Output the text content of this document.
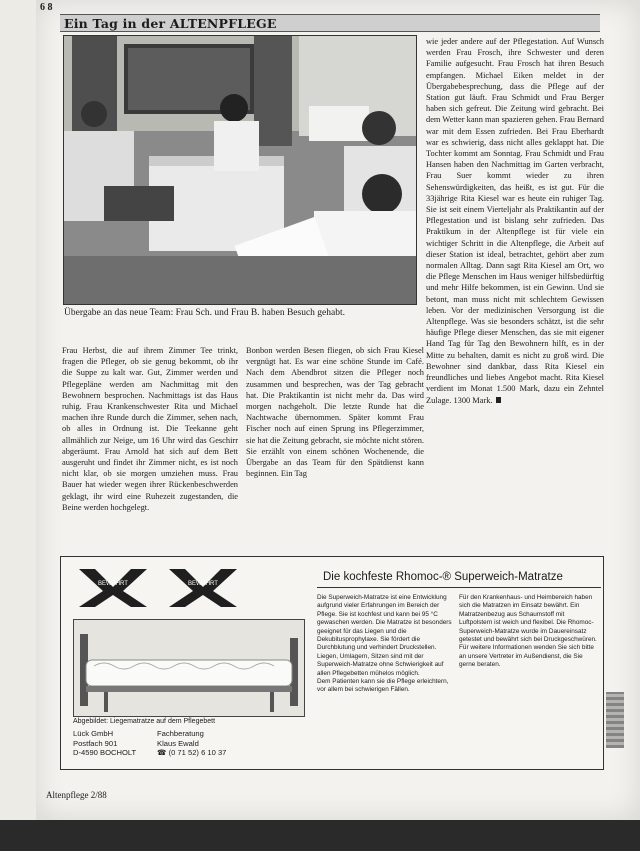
6 8
Ein Tag in der ALTENPFLEGE
Übergabe an das neue Team: Frau Sch. und Frau B. haben Besuch gehabt.
Frau Herbst, die auf ihrem Zimmer Tee trinkt, fragen die Pfleger, ob sie genug bekommt, ob ihr die Suppe zu kalt war. Gut, Zimmer werden und Pflegepläne werden am Nachmittag mit den Bewohnern besprochen. Nachmittags ist das Haus ruhig. Frau Krankenschwester Rita und Michael machen ihre Runde durch die Zimmer, sehen nach, ob alles in Ordnung ist. Die Teekanne geht allmählich zur Neige, um 16 Uhr wird das Geschirr abgeräumt. Frau Arnold hat sich auf dem Bett ausgeruht und findet ihr Zimmer nicht, es ist noch nicht klar, ob sie morgen umziehen muss. Frau Bauer hat wieder wegen ihrer Rückenbeschwerden geklagt, ihr wird eine Ruhezeit zugestanden, die Beine werden hochgelegt.
Bonbon werden Besen fliegen, ob sich Frau Kiesel vergnügt hat. Es war eine schöne Stunde im Café. Nach dem Abendbrot sitzen die Pfleger noch zusammen und besprechen, was der Tag gebracht hat. Die Praktikantin ist nicht mehr da. Das wird morgen nachgeholt. Die letzte Runde hat die Nachtwache übernommen. Später kommt Frau Fischer noch auf einen Sprung ins Pflegerzimmer, sie hat die Zeitung gebracht, sie möchte nicht stören. Sie erzählt von einem schönen Wochenende, die Übergabe an das Team für den Spätdienst kann beginnen. Ein Tag
wie jeder andere auf der Pflegestation. Auf Wunsch werden Frau Frosch, ihre Schwester und deren Familie aufgesucht. Frau Frosch hat ihren Besuch empfangen. Michael Eiken meldet in der Übergabebesprechung, dass die Pflege auf der Station gut läuft. Frau Schmidt und Frau Berger haben sich gefreut. Die Zeitung wird gebracht. Bei dem Wetter kann man spazieren gehen. Frau Bernard war mit dem Essen zufrieden. Bei Frau Eberhardt war es schwierig, dass nicht alles geklappt hat. Die Tochter kommt am Sonntag. Frau Schmidt und Frau Hansen haben den Nachmittag im Garten verbracht, Frau Suer kommt wieder zu ihren Sehenswürdigkeiten, das heißt, es ist gut. Für die 33jährige Rita Kiesel war es heute ein ruhiger Tag. Sie ist seit einem Vierteljahr als Praktikantin auf der Pflegestation und ist bislang sehr zufrieden. Das Praktikum in der Altenpflege ist für viele ein wichtiger Schritt in die Altenpflege, die Arbeit auf dieser Station ist ideal, betrachtet, gehört aber zum normalen Alltag. Dann sagt Rita Kiesel am Ort, wo die Pflege Menschen im Haus weniger hilfsbedürftig und mehr Hilfe bekommen, ist ein Gewinn. Und sie betont, man muss nicht mit schlechtem Gewissen leben. Vor der medizinischen Versorgung ist die Altenpflege. Was sie besonders schätzt, ist die sehr häufige Pflege dieser Menschen, das sie mit eigener Hand Tag für Tag den Bewohnern hilft, es in der Mitte zu behalten, damit es nicht zu groß wird. Die Bewohner sind dankbar, dass Rita Kiesel ein freundliches und liebes Angebot macht. Rita Kiesel verdient im Monat 1.500 Mark, dazu ein Zehntel Zulage. 1300 Mark.
BEWÄHRT	BEWÄHRT
Die kochfeste Rhomoc-® Superweich-Matratze
Abgebildet: Liegematratze auf dem Pflegebett
Lück GmbH
Postfach 901
D-4590 BOCHOLT
Fachberatung
Klaus Ewald
☎ (0 71 52) 6 10 37
Die Superweich-Matratze ist eine Entwicklung aufgrund vieler Erfahrungen im Bereich der Pflege. Sie ist kochfest und kann bei 95 °C gewaschen werden. Die Matratze ist besonders geeignet für das Liegen und die Dekubitusprophylaxe. Sie fördert die Durchblutung und verhindert Druckstellen.
Liegen, Umlagern, Sitzen sind mit der Superweich-Matratze ohne Schwierigkeit auf allen Pflegebetten mühelos möglich.
Dem Patienten kann sie die Pflege erleichtern, vor allem bei schwierigen Fällen.
Für den Krankenhaus- und Heimbereich haben sich die Matratzen im Einsatz bewährt. Ein Matratzenbezug aus Schaumstoff mit Luftpolstern ist weich und flexibel. Die Rhomoc-Superweich-Matratze wurde im Dauereinsatz getestet und bewährt sich bei Druckgeschwüren.
Für weitere Informationen wenden Sie sich bitte an unsere Vertreter im Außendienst, die Sie gerne beraten.
Altenpflege 2/88
